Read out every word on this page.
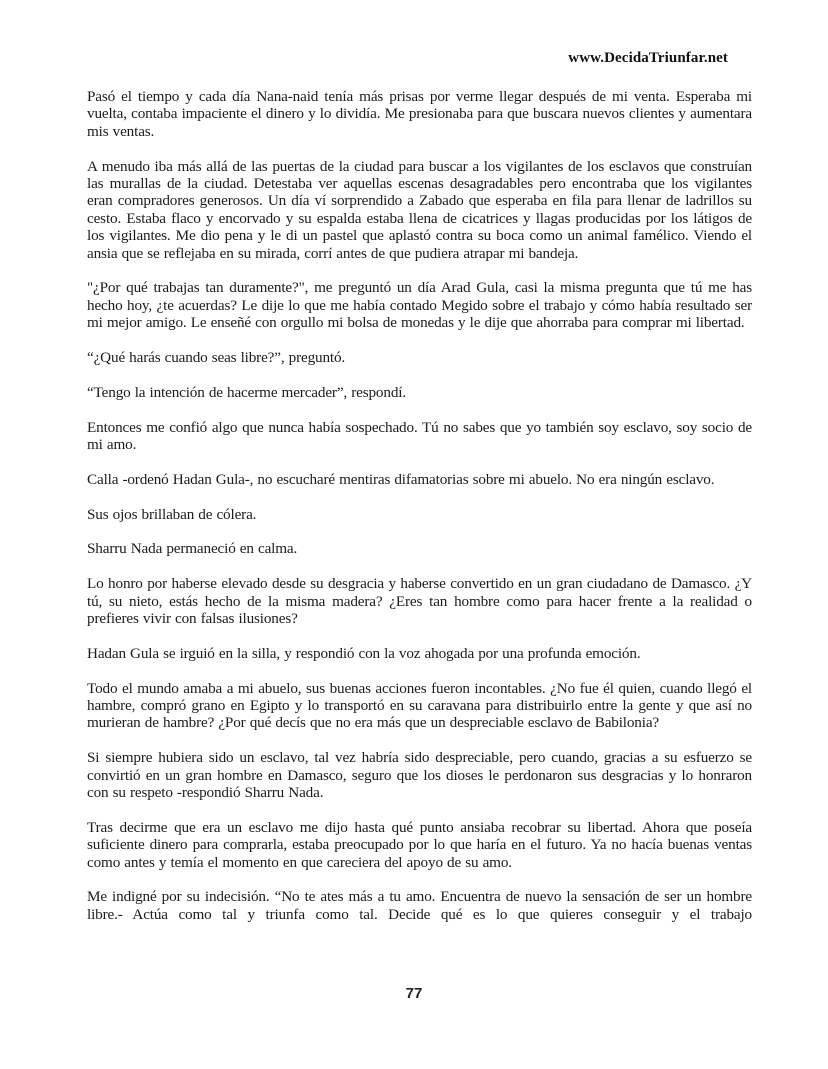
www.DecidaTriunfar.net

Pasó el tiempo y cada día Nana-naid tenía más prisas por verme llegar después de mi venta. Esperaba mi vuelta, contaba impaciente el dinero y lo dividía. Me presionaba para que buscara nuevos clientes y aumentara mis ventas.

A menudo iba más allá de las puertas de la ciudad para buscar a los vigilantes de los esclavos que construían las murallas de la ciudad. Detestaba ver aquellas escenas desagradables pero encontraba que los vigilantes eran compradores generosos. Un día ví sorprendido a Zabado que esperaba en fila para llenar de ladrillos su cesto. Estaba flaco y encorvado y su espalda estaba llena de cicatrices y llagas producidas por los látigos de los vigilantes. Me dio pena y le di un pastel que aplastó contra su boca como un animal famélico. Viendo el ansia que se reflejaba en su mirada, corrí antes de que pudiera atrapar mi bandeja.

"¿Por qué trabajas tan duramente?", me preguntó un día Arad Gula, casi la misma pregunta que tú me has hecho hoy, ¿te acuerdas? Le dije lo que me había contado Megido sobre el trabajo y cómo había resultado ser mi mejor amigo. Le enseñé con orgullo mi bolsa de monedas y le dije que ahorraba para comprar mi libertad.

“¿Qué harás cuando seas libre?”, preguntó.

“Tengo la intención de hacerme mercader”, respondí.

Entonces me confió algo que nunca había sospechado. Tú no sabes que yo también soy esclavo, soy socio de mi amo.

Calla -ordenó Hadan Gula-, no escucharé mentiras difamatorias sobre mi abuelo. No era ningún esclavo.

Sus ojos brillaban de cólera.

Sharru Nada permaneció en calma.

Lo honro por haberse elevado desde su desgracia y haberse convertido en un gran ciudadano de Damasco. ¿Y tú, su nieto, estás hecho de la misma madera? ¿Eres tan hombre como para hacer frente a la realidad o prefieres vivir con falsas ilusiones?

Hadan Gula se irguió en la silla, y respondió con la voz ahogada por una profunda emoción.

Todo el mundo amaba a mi abuelo, sus buenas acciones fueron incontables. ¿No fue él quien, cuando llegó el hambre, compró grano en Egipto y lo transportó en su caravana para distribuirlo entre la gente y que así no murieran de hambre? ¿Por qué decís que no era más que un despreciable esclavo de Babilonia?

Si siempre hubiera sido un esclavo, tal vez habría sido despreciable, pero cuando, gracias a su esfuerzo se convirtió en un gran hombre en Damasco, seguro que los dioses le perdonaron sus desgracias y lo honraron con su respeto -respondió Sharru Nada.

Tras decirme que era un esclavo me dijo hasta qué punto ansiaba recobrar su libertad. Ahora que poseía suficiente dinero para comprarla, estaba preocupado por lo que haría en el futuro. Ya no hacía buenas ventas como antes y temía el momento en que careciera del apoyo de su amo.

Me indigné por su indecisión. “No te ates más a tu amo. Encuentra de nuevo la sensación de ser un hombre libre.- Actúa como tal y triunfa como tal. Decide qué es lo que quieres conseguir y el trabajo

77
